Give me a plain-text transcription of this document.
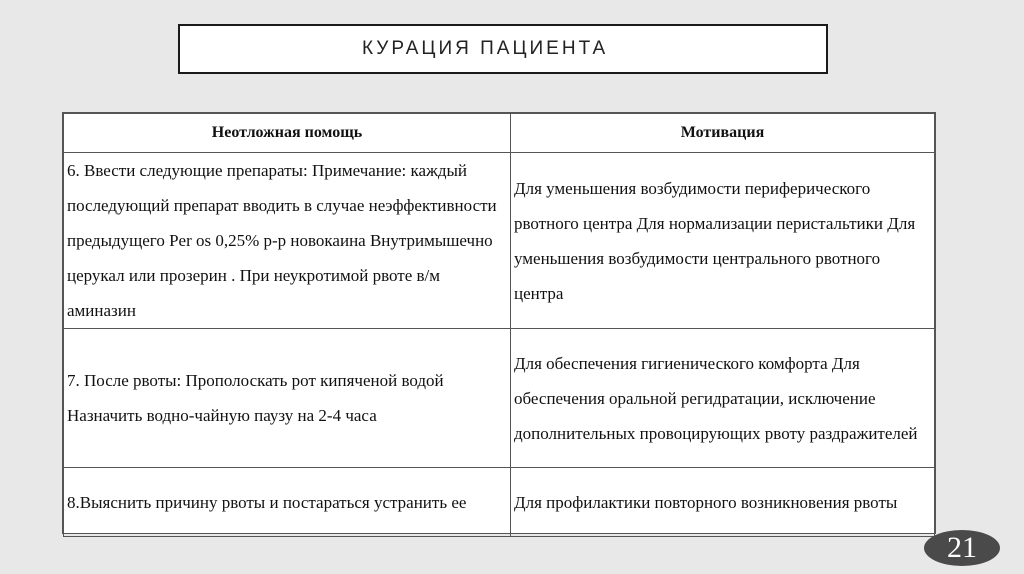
КУРАЦИЯ ПАЦИЕНТА
Неотложная помощь	Мотивация
6. Ввести следующие препараты: Примечание: каждый последующий препарат вводить в случае неэффективности предыдущего Per os 0,25% р-р новокаина Внутримышечно церукал или прозерин . При неукротимой рвоте в/м аминазин	Для уменьшения возбудимости периферического рвотного центра Для нормализации перистальтики Для уменьшения возбудимости центрального рвотного центра
7. После рвоты: Прополоскать рот кипяченой водой Назначить водно-чайную паузу на 2-4 часа	Для обеспечения гигиенического комфорта Для обеспечения оральной регидратации, исключение дополнительных провоцирующих рвоту раздражителей
8.Выяснить причину рвоты и постараться устранить ее	Для профилактики повторного возникновения рвоты
21
